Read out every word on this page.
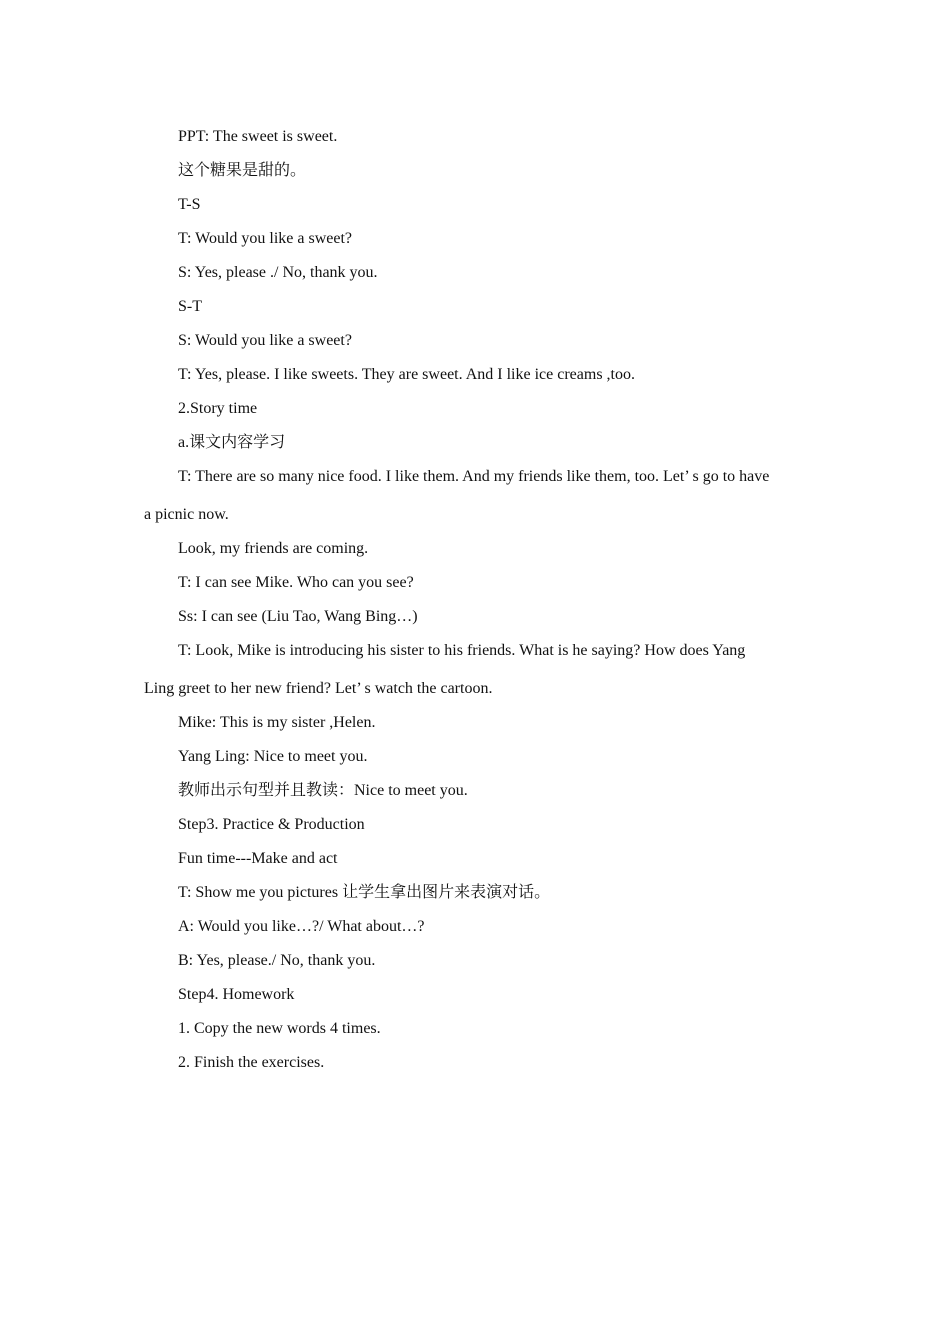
PPT: The sweet is sweet.
这个糖果是甜的。
T-S
T: Would you like a sweet?
S: Yes, please ./ No, thank you.
S-T
S: Would you like a sweet?
T: Yes, please. I like sweets. They are sweet. And I like ice creams ,too.
2.Story time
a.课文内容学习
T: There are so many nice food. I like them. And my friends like them, too. Let’ s go to have
a picnic now.
Look, my friends are coming.
T: I can see Mike. Who can you see?
Ss: I can see (Liu Tao, Wang Bing…)
T: Look, Mike is introducing his sister to his friends. What is he saying? How does Yang
Ling greet to her new friend? Let’ s watch the cartoon.
Mike: This is my sister ,Helen.
Yang Ling: Nice to meet you.
教师出示句型并且教读：Nice to meet you.
Step3. Practice & Production
Fun time---Make and act
T: Show me you pictures 让学生拿出图片来表演对话。
A: Would you like…?/ What about…?
B: Yes, please./ No, thank you.
Step4. Homework
1. Copy the new words 4 times.
2. Finish the exercises.
